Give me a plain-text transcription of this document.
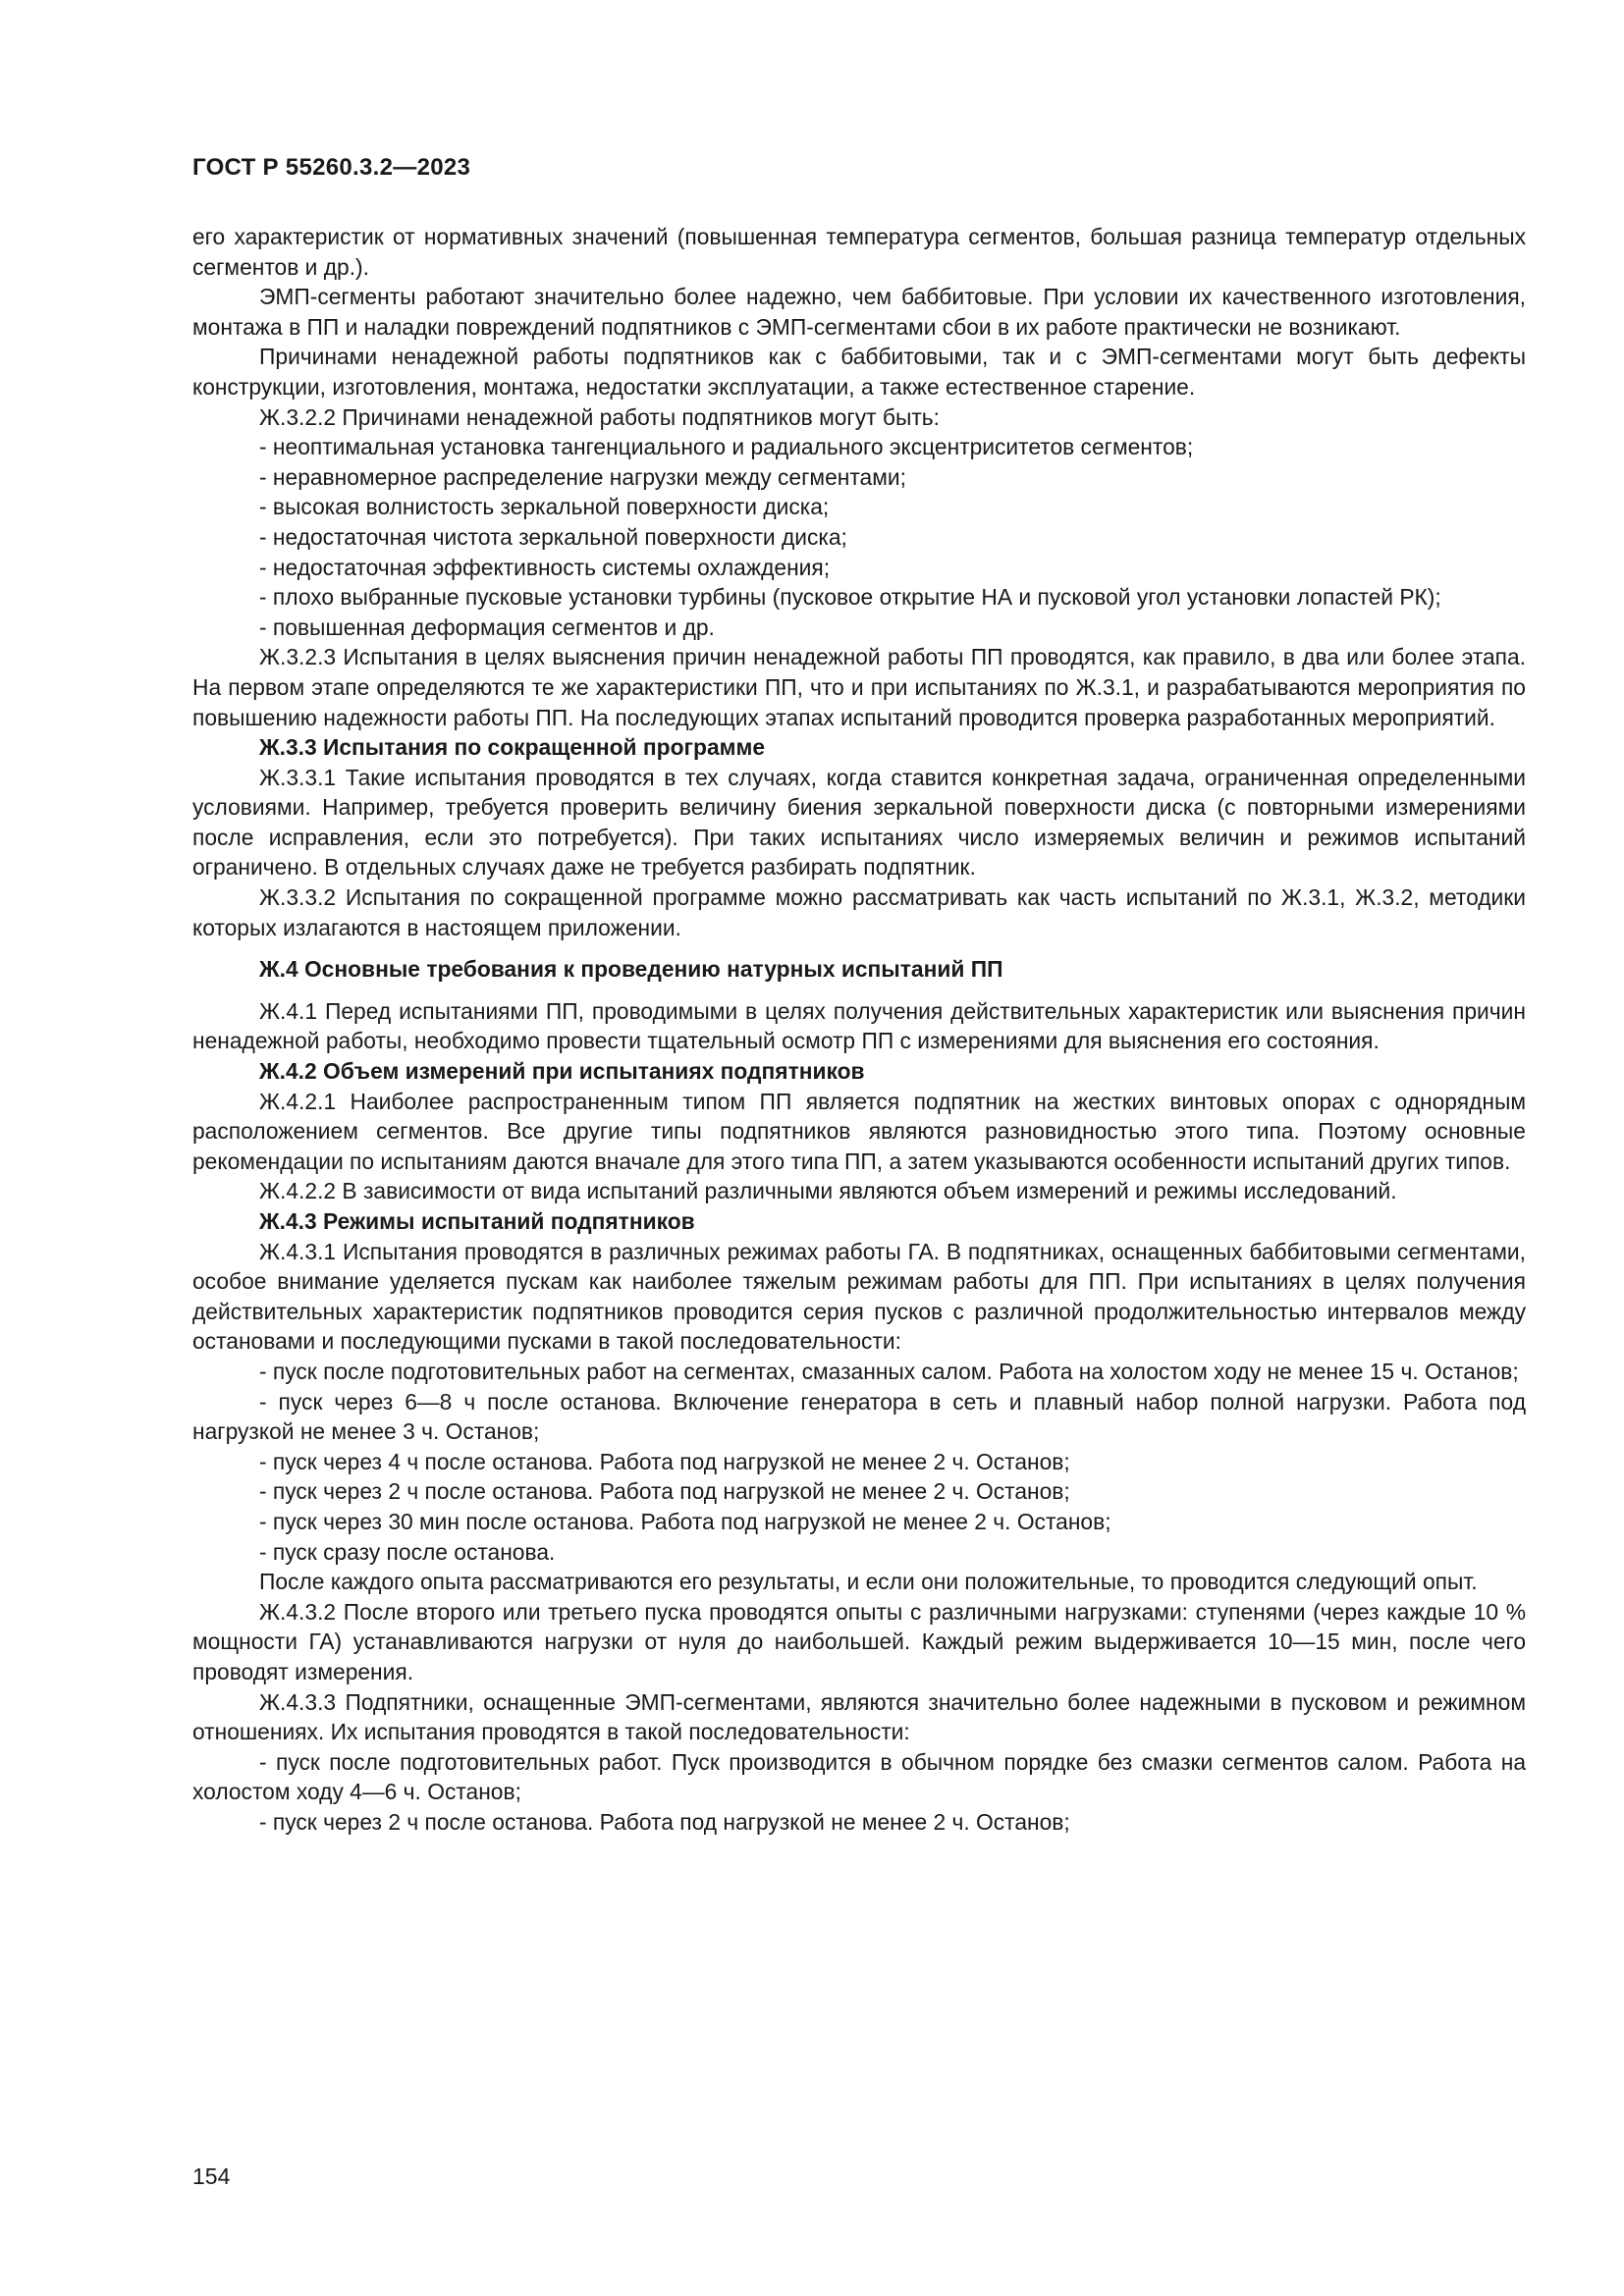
ГОСТ Р 55260.3.2—2023

его характеристик от нормативных значений (повышенная температура сегментов, большая разница температур отдельных сегментов и др.).

ЭМП-сегменты работают значительно более надежно, чем баббитовые. При условии их качественного изготовления, монтажа в ПП и наладки повреждений подпятников с ЭМП-сегментами сбои в их работе практически не возникают.

Причинами ненадежной работы подпятников как с баббитовыми, так и с ЭМП-сегментами могут быть дефекты конструкции, изготовления, монтажа, недостатки эксплуатации, а также естественное старение.

Ж.3.2.2 Причинами ненадежной работы подпятников могут быть:

- неоптимальная установка тангенциального и радиального эксцентриситетов сегментов;

- неравномерное распределение нагрузки между сегментами;

- высокая волнистость зеркальной поверхности диска;

- недостаточная чистота зеркальной поверхности диска;

- недостаточная эффективность системы охлаждения;

- плохо выбранные пусковые установки турбины (пусковое открытие НА и пусковой угол установки лопастей РК);

- повышенная деформация сегментов и др.

Ж.3.2.3 Испытания в целях выяснения причин ненадежной работы ПП проводятся, как правило, в два или более этапа. На первом этапе определяются те же характеристики ПП, что и при испытаниях по Ж.3.1, и разрабатываются мероприятия по повышению надежности работы ПП. На последующих этапах испытаний проводится проверка разработанных мероприятий.

Ж.3.3 Испытания по сокращенной программе

Ж.3.3.1 Такие испытания проводятся в тех случаях, когда ставится конкретная задача, ограниченная определенными условиями. Например, требуется проверить величину биения зеркальной поверхности диска (с повторными измерениями после исправления, если это потребуется). При таких испытаниях число измеряемых величин и режимов испытаний ограничено. В отдельных случаях даже не требуется разбирать подпятник.

Ж.3.3.2 Испытания по сокращенной программе можно рассматривать как часть испытаний по Ж.3.1, Ж.3.2, методики которых излагаются в настоящем приложении.

Ж.4 Основные требования к проведению натурных испытаний ПП

Ж.4.1 Перед испытаниями ПП, проводимыми в целях получения действительных характеристик или выяснения причин ненадежной работы, необходимо провести тщательный осмотр ПП с измерениями для выяснения его состояния.

Ж.4.2 Объем измерений при испытаниях подпятников

Ж.4.2.1 Наиболее распространенным типом ПП является подпятник на жестких винтовых опорах с однорядным расположением сегментов. Все другие типы подпятников являются разновидностью этого типа. Поэтому основные рекомендации по испытаниям даются вначале для этого типа ПП, а затем указываются особенности испытаний других типов.

Ж.4.2.2 В зависимости от вида испытаний различными являются объем измерений и режимы исследований.

Ж.4.3 Режимы испытаний подпятников

Ж.4.3.1 Испытания проводятся в различных режимах работы ГА. В подпятниках, оснащенных баббитовыми сегментами, особое внимание уделяется пускам как наиболее тяжелым режимам работы для ПП. При испытаниях в целях получения действительных характеристик подпятников проводится серия пусков с различной продолжительностью интервалов между остановами и последующими пусками в такой последовательности:

- пуск после подготовительных работ на сегментах, смазанных салом. Работа на холостом ходу не менее 15 ч. Останов;

- пуск через 6—8 ч после останова. Включение генератора в сеть и плавный набор полной нагрузки. Работа под нагрузкой не менее 3 ч. Останов;

- пуск через 4 ч после останова. Работа под нагрузкой не менее 2 ч. Останов;

- пуск через 2 ч после останова. Работа под нагрузкой не менее 2 ч. Останов;

- пуск через 30 мин после останова. Работа под нагрузкой не менее 2 ч. Останов;

- пуск сразу после останова.

После каждого опыта рассматриваются его результаты, и если они положительные, то проводится следующий опыт.

Ж.4.3.2 После второго или третьего пуска проводятся опыты с различными нагрузками: ступенями (через каждые 10 % мощности ГА) устанавливаются нагрузки от нуля до наибольшей. Каждый режим выдерживается 10—15 мин, после чего проводят измерения.

Ж.4.3.3 Подпятники, оснащенные ЭМП-сегментами, являются значительно более надежными в пусковом и режимном отношениях. Их испытания проводятся в такой последовательности:

- пуск после подготовительных работ. Пуск производится в обычном порядке без смазки сегментов салом. Работа на холостом ходу 4—6 ч. Останов;

- пуск через 2 ч после останова. Работа под нагрузкой не менее 2 ч. Останов;

154
